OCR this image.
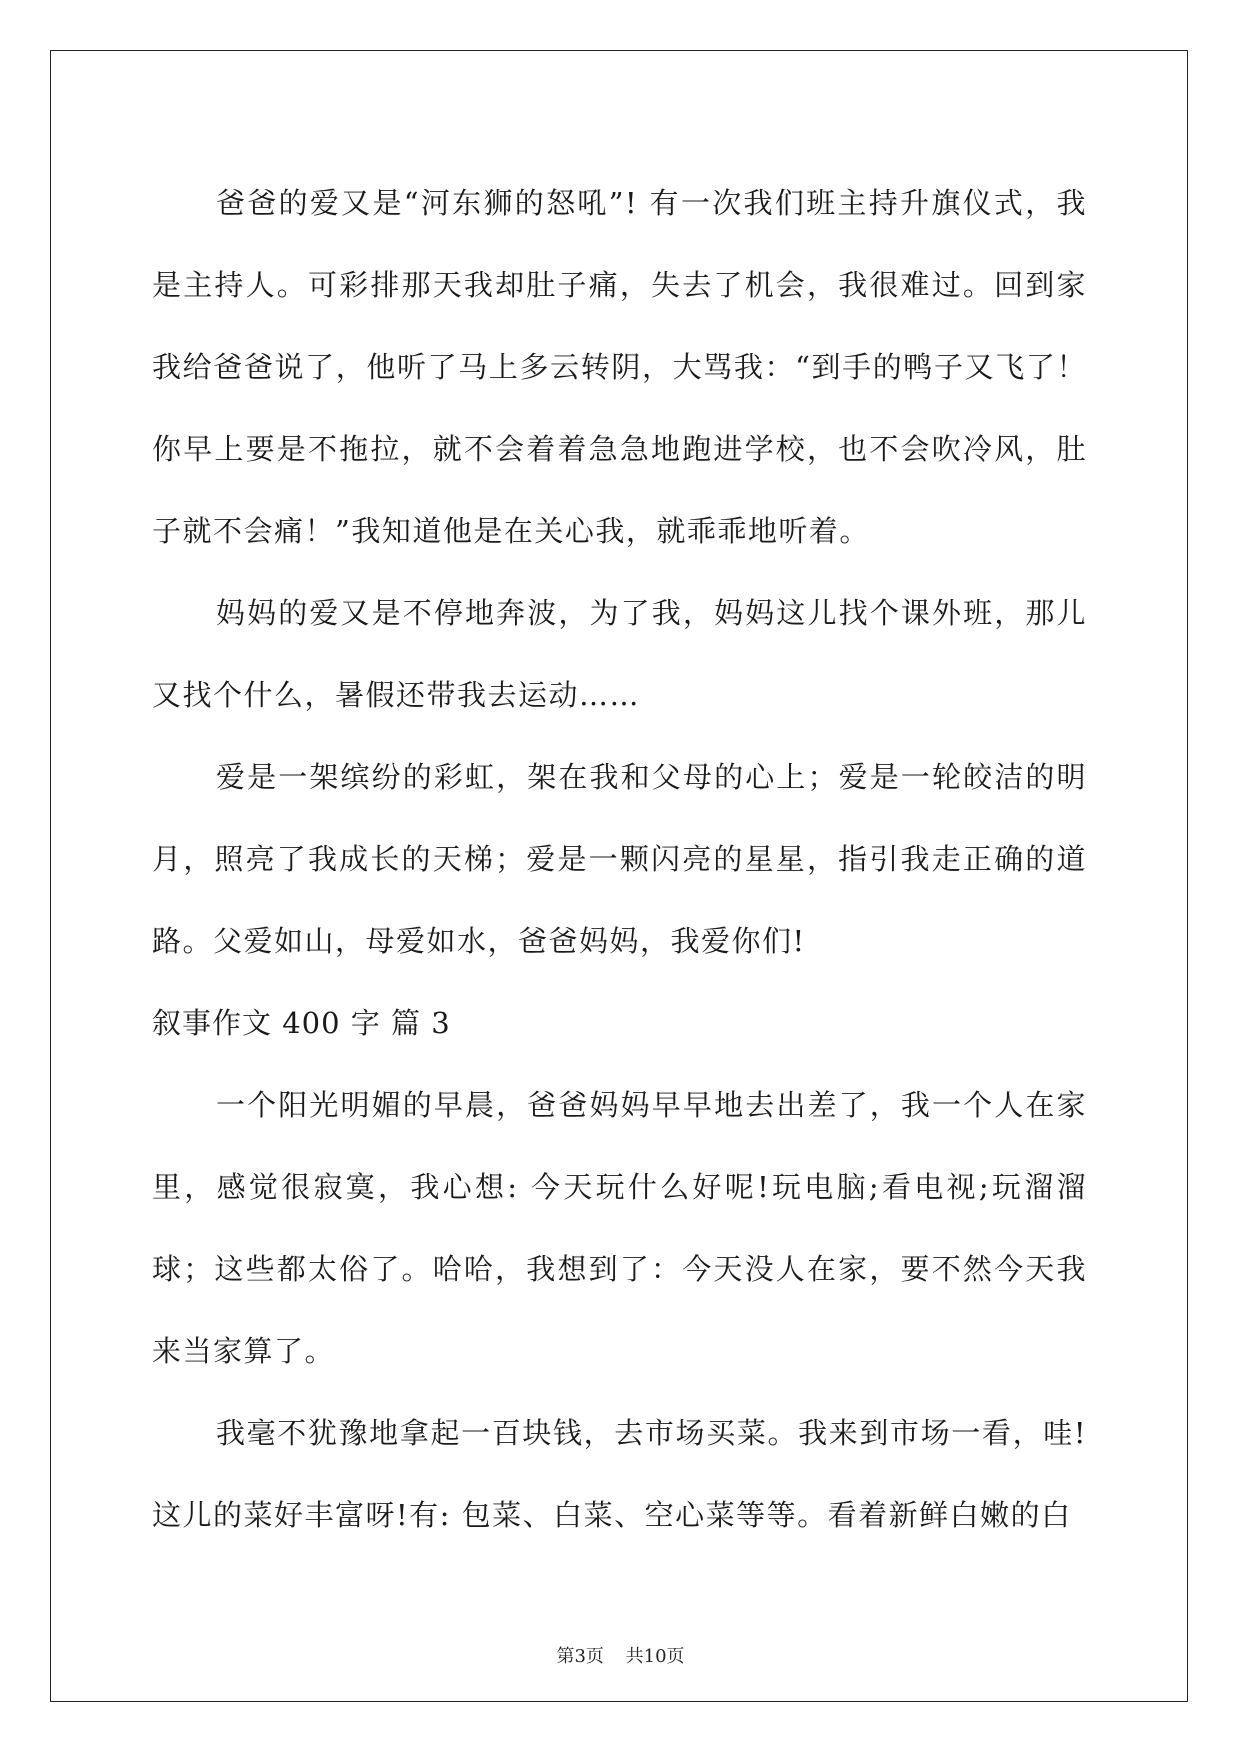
爸爸的爱又是“河东狮的怒吼”! 有一次我们班主持升旗仪式，我是主持人。可彩排那天我却肚子痛，失去了机会，我很难过。回到家我给爸爸说了，他听了马上多云转阴，大骂我：“到手的鸭子又飞了！你早上要是不拖拉，就不会着着急急地跑进学校，也不会吹冷风，肚子就不会痛！”我知道他是在关心我，就乖乖地听着。

妈妈的爱又是不停地奔波，为了我，妈妈这儿找个课外班，那儿又找个什么，暑假还带我去运动……

爱是一架缤纷的彩虹，架在我和父母的心上；爱是一轮皎洁的明月，照亮了我成长的天梯；爱是一颗闪亮的星星，指引我走正确的道路。父爱如山，母爱如水，爸爸妈妈，我爱你们!

叙事作文 400 字 篇 3

一个阳光明媚的早晨，爸爸妈妈早早地去出差了，我一个人在家里，感觉很寂寞，我心想: 今天玩什么好呢!玩电脑;看电视;玩溜溜球；这些都太俗了。哈哈，我想到了：今天没人在家，要不然今天我来当家算了。

我毫不犹豫地拿起一百块钱，去市场买菜。我来到市场一看，哇!这儿的菜好丰富呀!有: 包菜、白菜、空心菜等等。看着新鲜白嫩的白

第3页 共10页
